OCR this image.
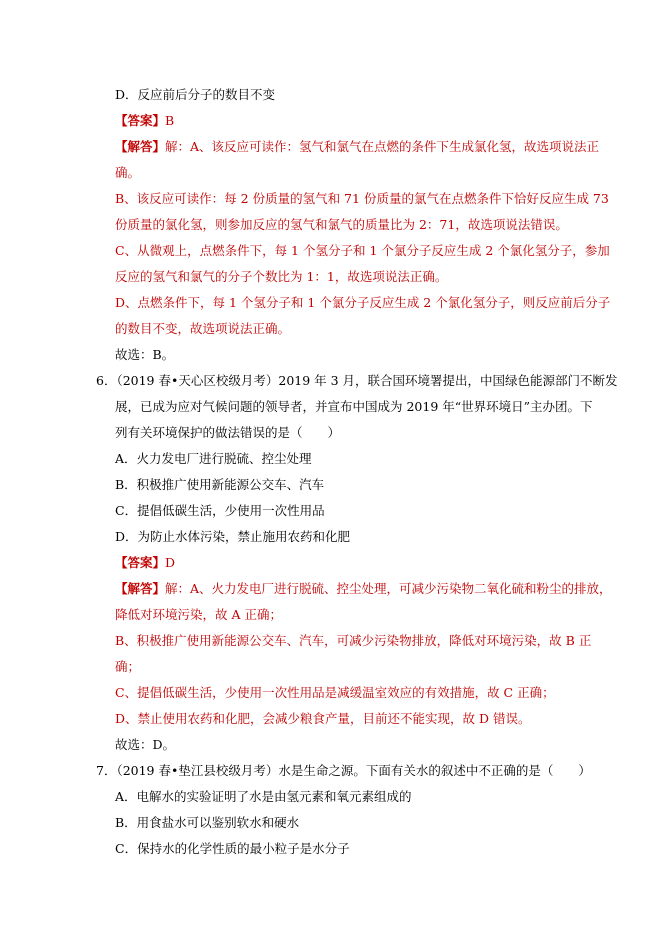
D．反应前后分子的数目不变
【答案】B
【解答】解：A、该反应可读作：氢气和氯气在点燃的条件下生成氯化氢，故选项说法正
确。
B、该反应可读作：每 2 份质量的氢气和 71 份质量的氯气在点燃条件下恰好反应生成 73
份质量的氯化氢，则参加反应的氢气和氯气的质量比为 2：71，故选项说法错误。
C、从微观上，点燃条件下，每 1 个氢分子和 1 个氯分子反应生成 2 个氯化氢分子，参加
反应的氢气和氯气的分子个数比为 1：1，故选项说法正确。
D、点燃条件下，每 1 个氢分子和 1 个氯分子反应生成 2 个氯化氢分子，则反应前后分子
的数目不变，故选项说法正确。
故选：B。
6．（2019 春•天心区校级月考）2019 年 3 月，联合国环境署提出，中国绿色能源部门不断发
展，已成为应对气候问题的领导者，并宣布中国成为 2019 年“世界环境日”主办团。下
列有关环境保护的做法错误的是（　　）
A．火力发电厂进行脱硫、控尘处理
B．积极推广使用新能源公交车、汽车
C．提倡低碳生活，少使用一次性用品
D．为防止水体污染，禁止施用农药和化肥
【答案】D
【解答】解：A、火力发电厂进行脱硫、控尘处理，可减少污染物二氧化硫和粉尘的排放，
降低对环境污染，故 A 正确；
B、积极推广使用新能源公交车、汽车，可减少污染物排放，降低对环境污染，故 B 正
确；
C、提倡低碳生活，少使用一次性用品是减缓温室效应的有效措施，故 C 正确；
D、禁止使用农药和化肥，会减少粮食产量，目前还不能实现，故 D 错误。
故选：D。
7．（2019 春•垫江县校级月考）水是生命之源。下面有关水的叙述中不正确的是（　　）
A．电解水的实验证明了水是由氢元素和氧元素组成的
B．用食盐水可以鉴别软水和硬水
C．保持水的化学性质的最小粒子是水分子
